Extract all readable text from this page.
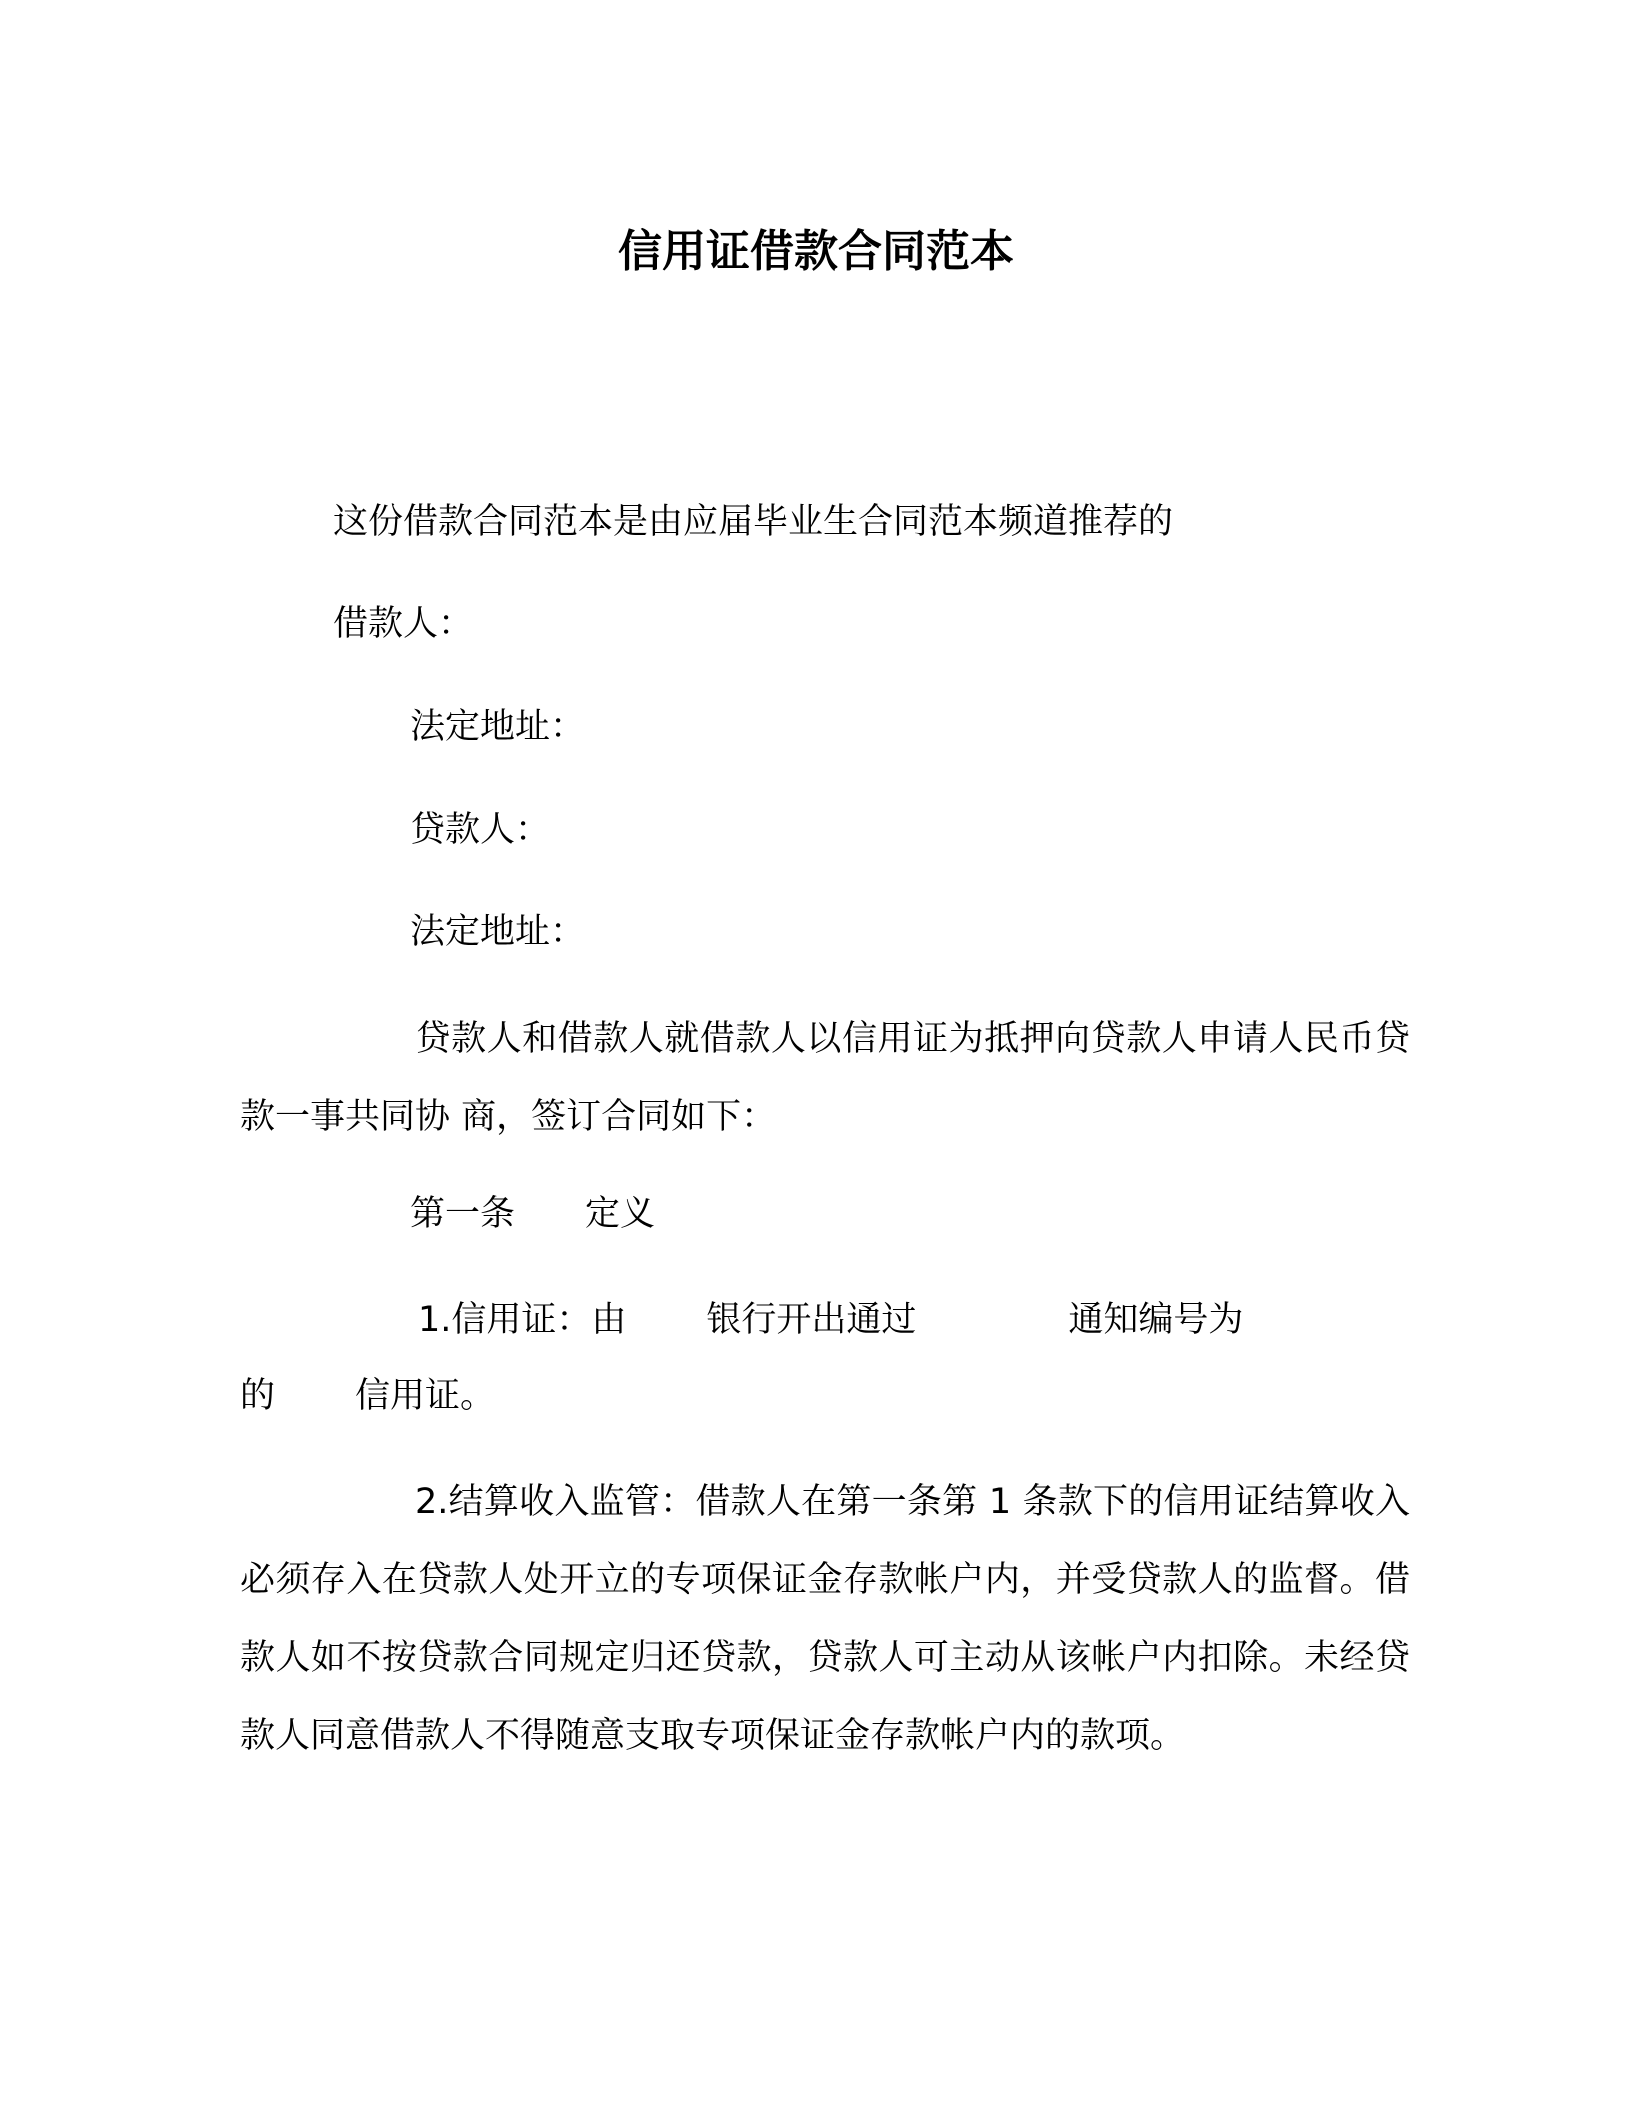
信用证借款合同范本
这份借款合同范本是由应届毕业生合同范本频道推荐的
借款人：
法定地址：
贷款人：
法定地址：
贷款人和借款人就借款人以信用证为抵押向贷款人申请人民币贷款一事共同协 商，签订合同如下：
第一条 定义
1.信用证：由 银行开出通过	通知编号为
的 信用证。
2.结算收入监管：借款人在第一条第 1 条款下的信用证结算收入必须存入在贷款人处开立的专项保证金存款帐户内，并受贷款人的监督。借款人如不按贷款合同规定归还贷款，贷款人可主动从该帐户内扣除。未经贷款人同意借款人不得随意支取专项保证金存款帐户内的款项。
